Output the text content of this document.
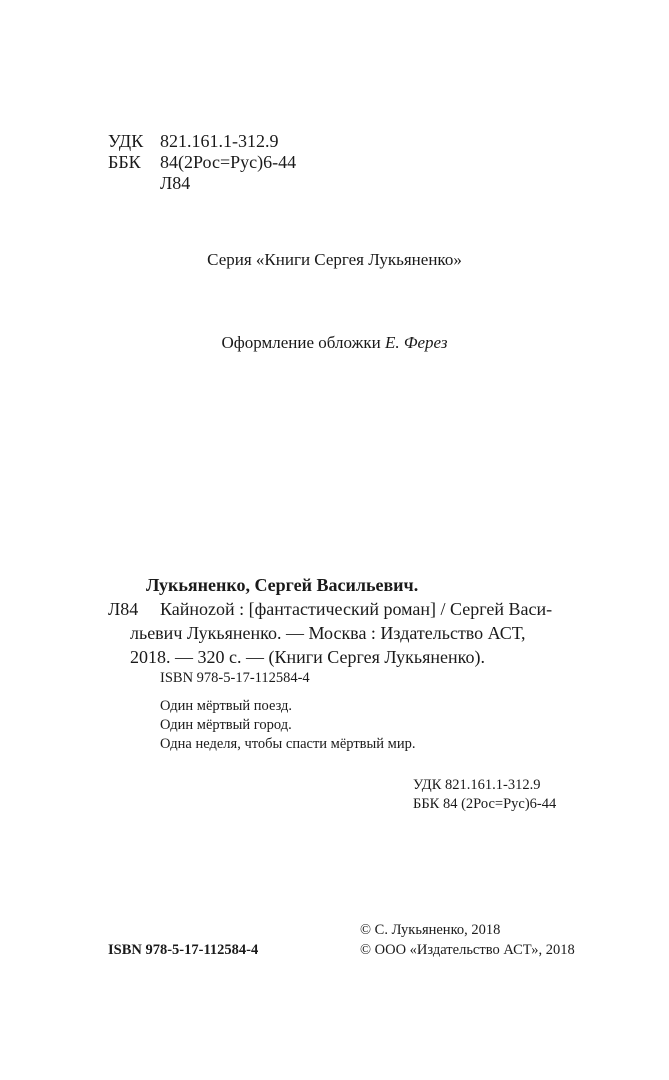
УДК 821.161.1-312.9
ББК 84(2Рос=Рус)6-44
Л84
Серия «Книги Сергея Лукьяненко»
Оформление обложки Е. Ферез
Лукьяненко, Сергей Васильевич.
Л84 Кайноzой : [фантастический роман] / Сергей Васи-
льевич Лукьяненко. — Москва : Издательство АСТ,
2018. — 320 с. — (Книги Сергея Лукьяненко).
ISBN 978-5-17-112584-4
Один мёртвый поезд.
Один мёртвый город.
Одна неделя, чтобы спасти мёртвый мир.
УДК 821.161.1-312.9
ББК 84 (2Рос=Рус)6-44
© С. Лукьяненко, 2018
ISBN 978-5-17-112584-4	© ООО «Издательство АСТ», 2018
